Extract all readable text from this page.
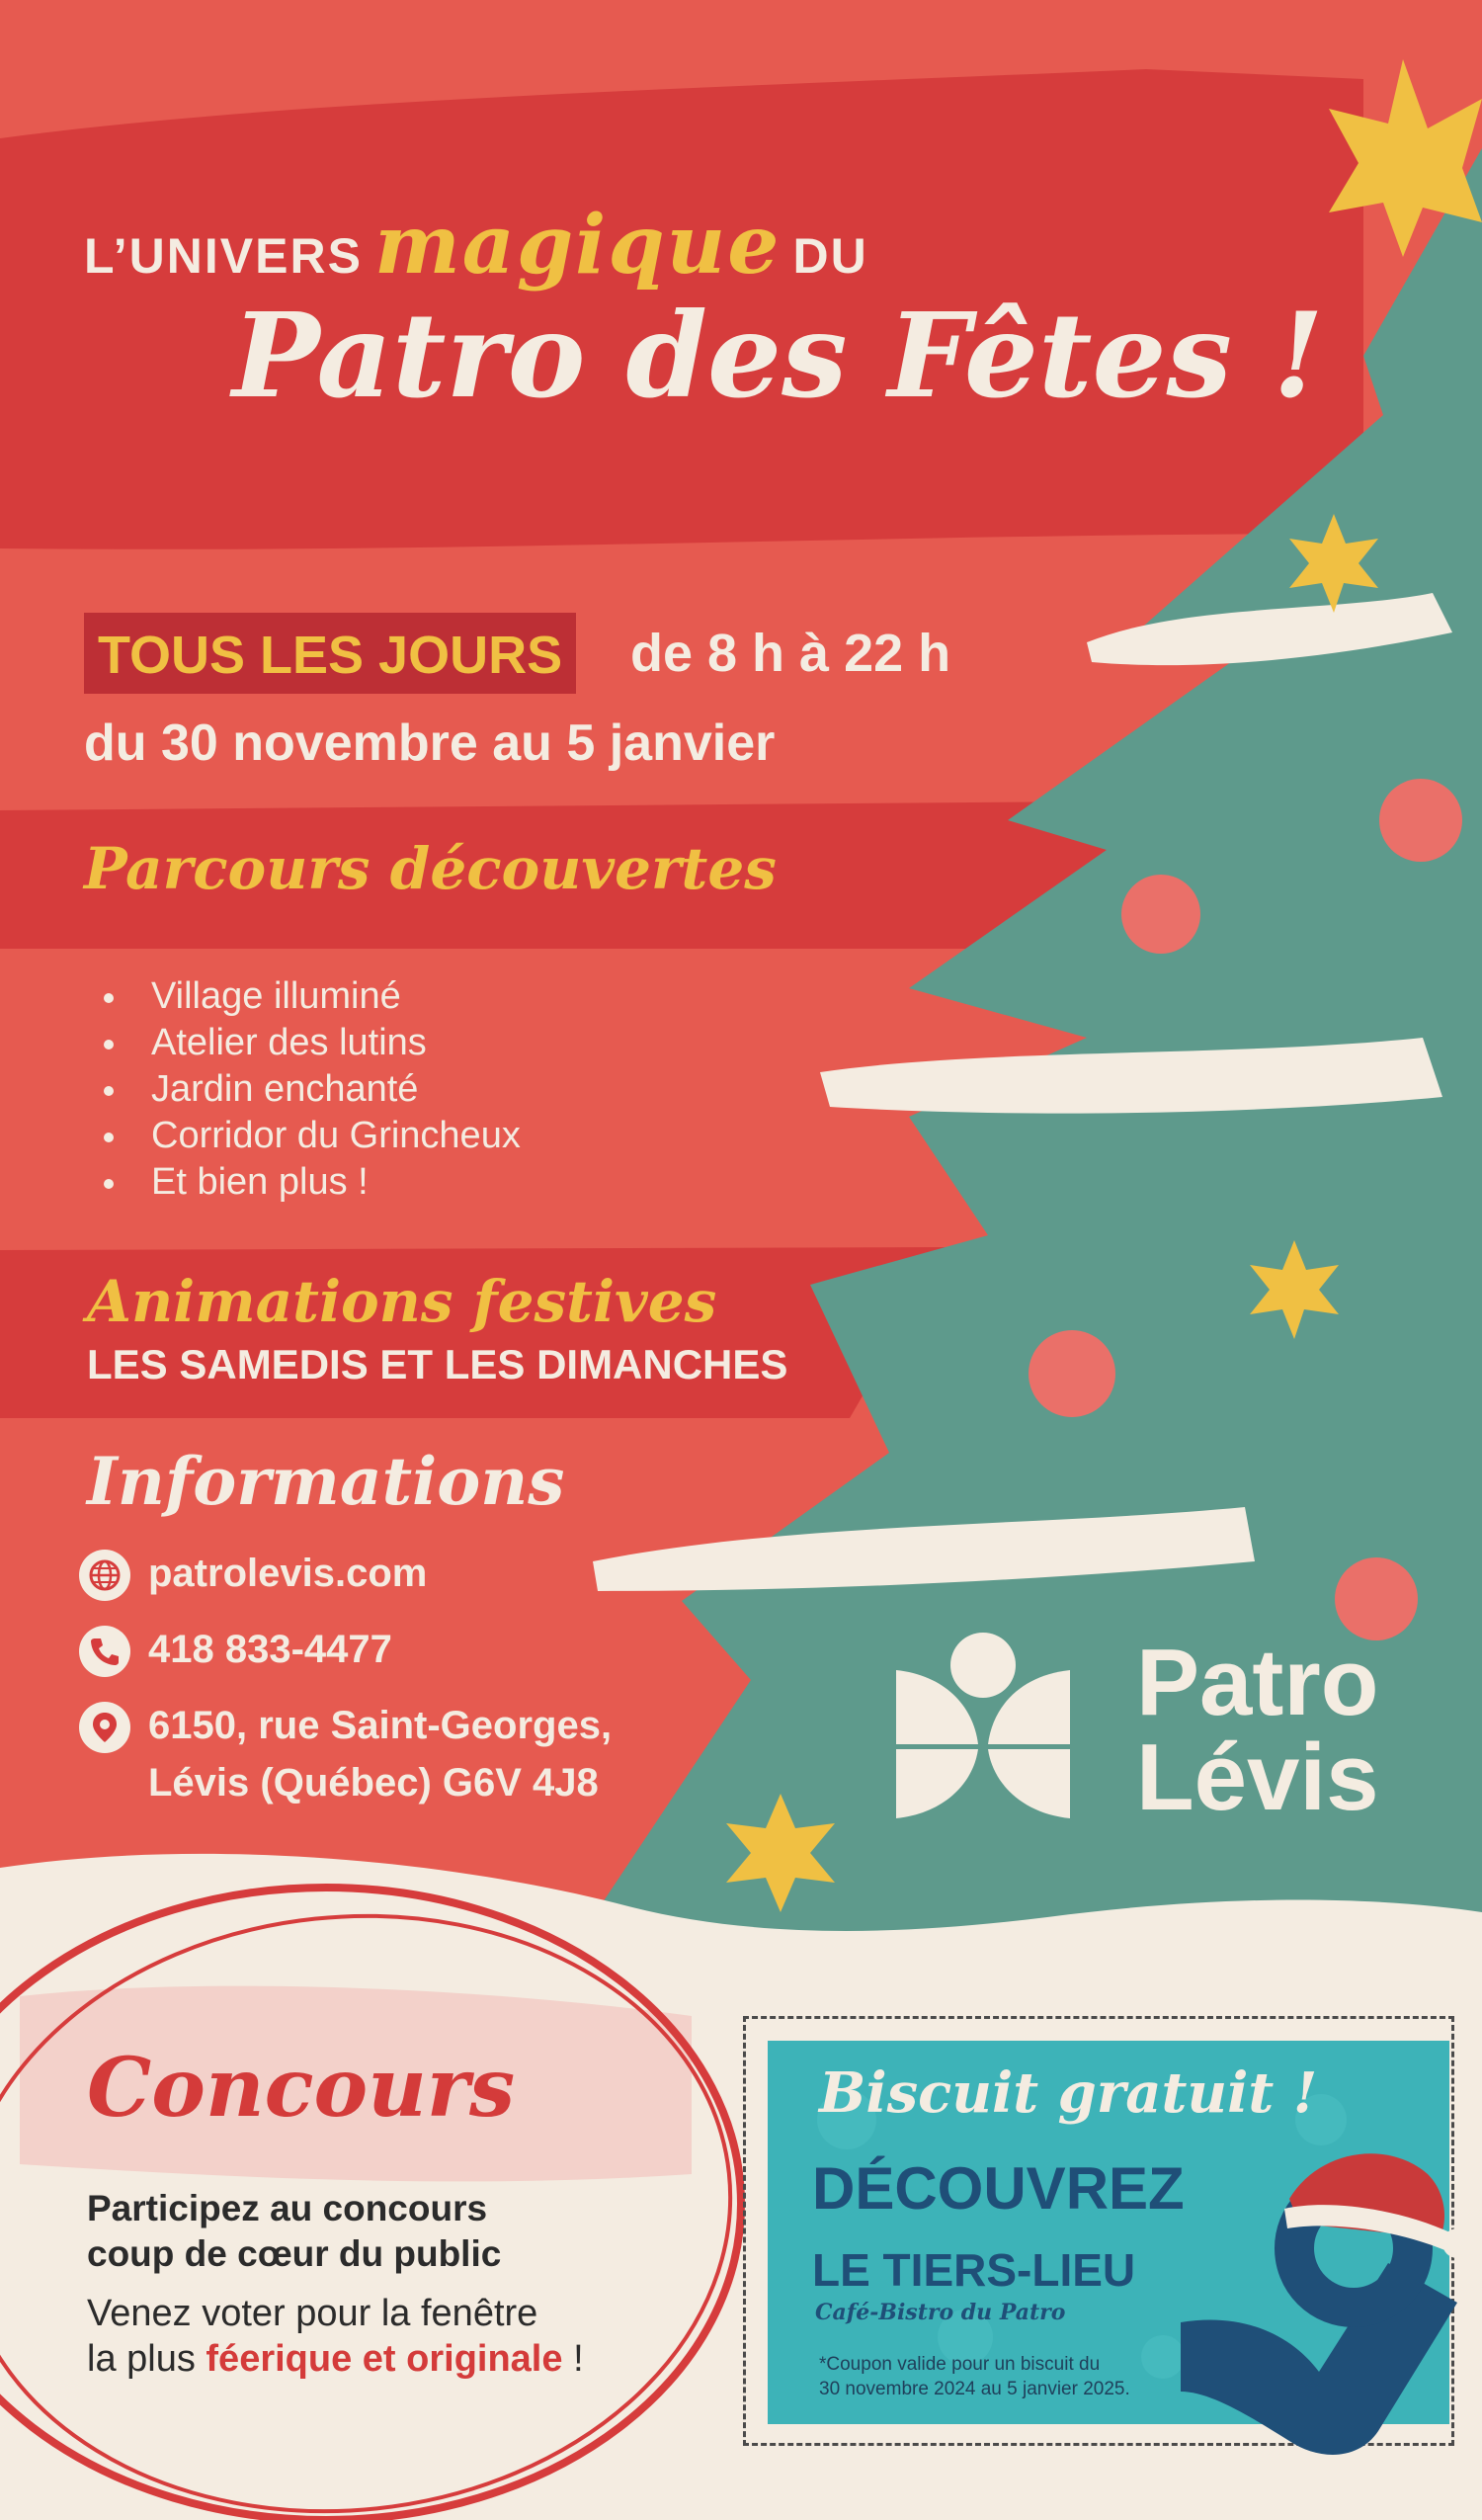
L’UNIVERS magique DU
Patro des Fêtes !
TOUS LES JOURS de 8 h à 22 h
du 30 novembre au 5 janvier
Parcours découvertes
Village illuminé
Atelier des lutins
Jardin enchanté
Corridor du Grincheux
Et bien plus !
Animations festives
LES SAMEDIS ET LES DIMANCHES
Informations
patrolevis.com
418 833-4477
6150, rue Saint-Georges,
Lévis (Québec) G6V 4J8
Patro
Lévis
Concours
Participez au concours
coup de cœur du public
Venez voter pour la fenêtre
la plus féerique et originale !
Biscuit gratuit !
DÉCOUVREZ
LE TIERS-LIEU
Café-Bistro du Patro
*Coupon valide pour un biscuit du
30 novembre 2024 au 5 janvier 2025.
